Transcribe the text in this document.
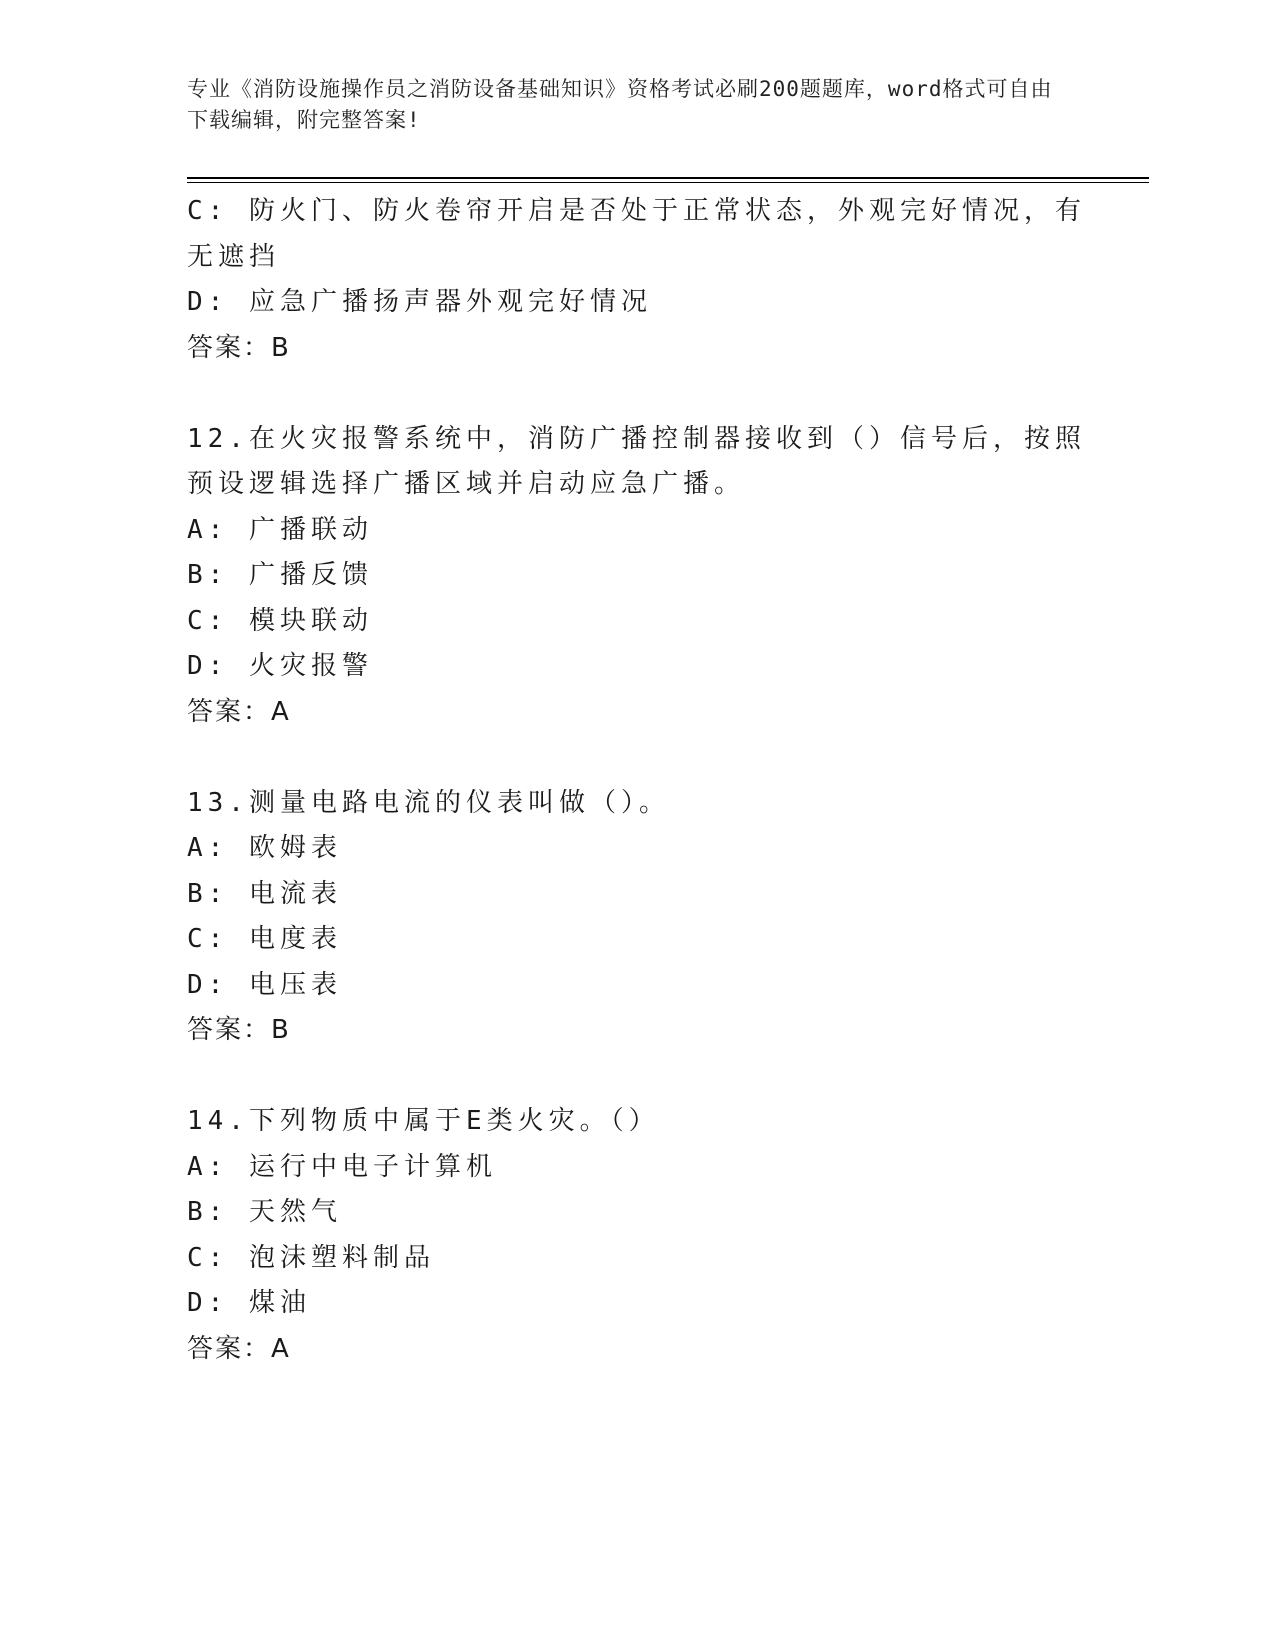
专业《消防设施操作员之消防设备基础知识》资格考试必刷200题题库，word格式可自由下载编辑，附完整答案!
C: 防火门、防火卷帘开启是否处于正常状态，外观完好情况，有无遮挡
D: 应急广播扬声器外观完好情况
答案：B
12.在火灾报警系统中，消防广播控制器接收到（）信号后，按照预设逻辑选择广播区域并启动应急广播。
A: 广播联动
B: 广播反馈
C: 模块联动
D: 火灾报警
答案：A
13.测量电路电流的仪表叫做（）。
A: 欧姆表
B: 电流表
C: 电度表
D: 电压表
答案：B
14.下列物质中属于E类火灾。（）
A: 运行中电子计算机
B: 天然气
C: 泡沫塑料制品
D: 煤油
答案：A
